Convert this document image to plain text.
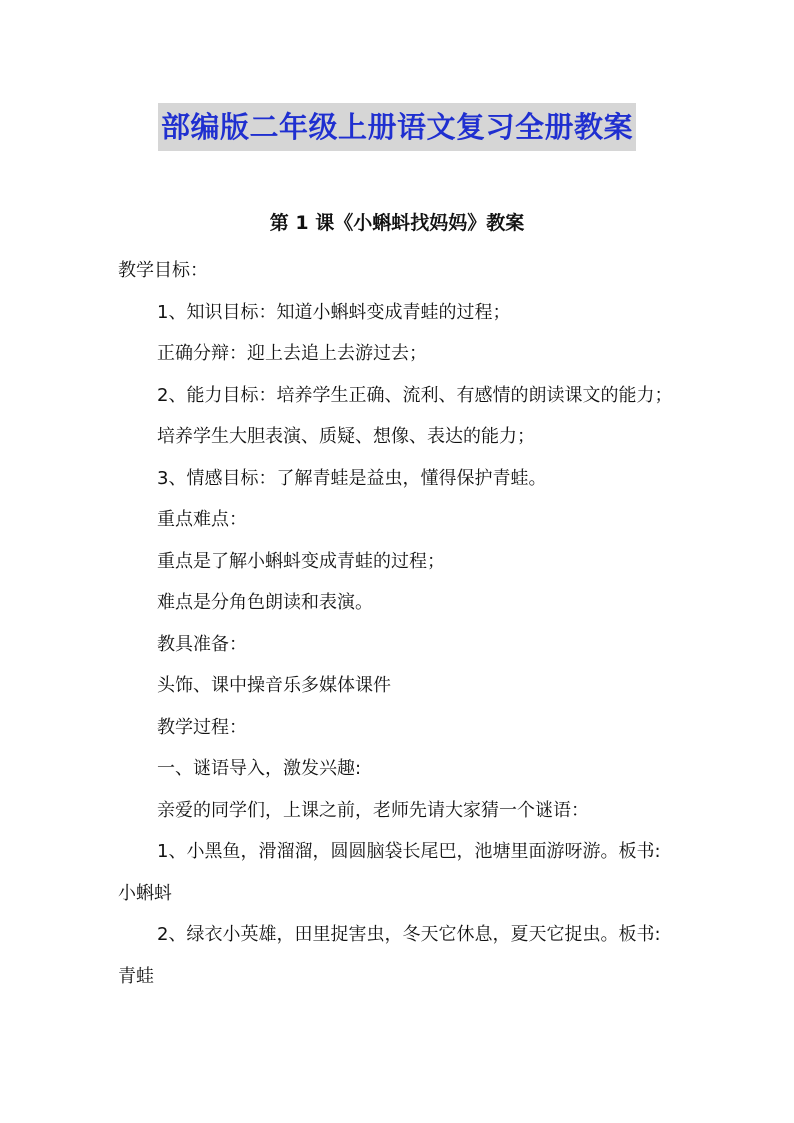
部编版二年级上册语文复习全册教案
第 1 课《小蝌蚪找妈妈》教案

教学目标：

1、知识目标：知道小蝌蚪变成青蛙的过程；

正确分辩：迎上去追上去游过去；

2、能力目标：培养学生正确、流利、有感情的朗读课文的能力；

培养学生大胆表演、质疑、想像、表达的能力；

3、情感目标：了解青蛙是益虫，懂得保护青蛙。

重点难点：

重点是了解小蝌蚪变成青蛙的过程；

难点是分角色朗读和表演。

教具准备：

头饰、课中操音乐多媒体课件

教学过程：

一、谜语导入，激发兴趣:

亲爱的同学们，上课之前，老师先请大家猜一个谜语：

1、小黑鱼，滑溜溜，圆圆脑袋长尾巴，池塘里面游呀游。板书:

小蝌蚪

2、绿衣小英雄，田里捉害虫，冬天它休息，夏天它捉虫。板书:

青蛙
